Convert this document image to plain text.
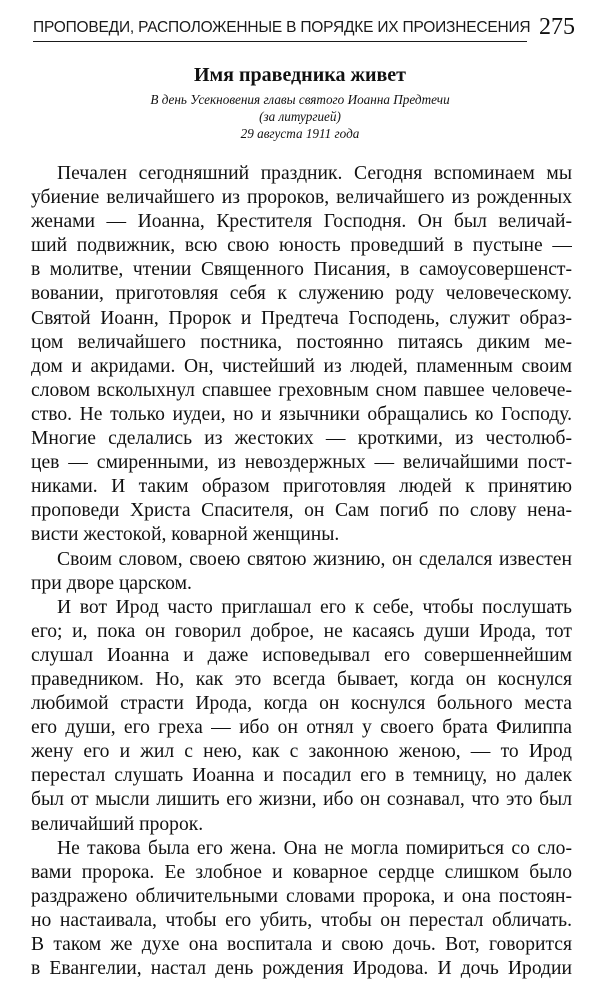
ПРОПОВЕДИ, РАСПОЛОЖЕННЫЕ В ПОРЯДКЕ ИХ ПРОИЗНЕСЕНИЯ 275
Имя праведника живет
В день Усекновения главы святого Иоанна Предтечи
(за литургией)
29 августа 1911 года
Печален сегодняшний праздник. Сегодня вспоминаем мы
убиение величайшего из пророков, величайшего из рожденных
женами — Иоанна, Крестителя Господня. Он был величай-
ший подвижник, всю свою юность проведший в пустыне —
в молитве, чтении Священного Писания, в самоусовершенст-
вовании, приготовляя себя к служению роду человеческому.
Святой Иоанн, Пророк и Предтеча Господень, служит образ-
цом величайшего постника, постоянно питаясь диким ме-
дом и акридами. Он, чистейший из людей, пламенным своим
словом всколыхнул спавшее греховным сном павшее человече-
ство. Не только иудеи, но и язычники обращались ко Господу.
Многие сделались из жестоких — кроткими, из честолюб-
цев — смиренными, из невоздержных — величайшими пост-
никами. И таким образом приготовляя людей к принятию
проповеди Христа Спасителя, он Сам погиб по слову нена-
висти жестокой, коварной женщины.
Своим словом, своею святою жизнию, он сделался известен
при дворе царском.
И вот Ирод часто приглашал его к себе, чтобы послушать
его; и, пока он говорил доброе, не касаясь души Ирода, тот
слушал Иоанна и даже исповедывал его совершеннейшим
праведником. Но, как это всегда бывает, когда он коснулся
любимой страсти Ирода, когда он коснулся больного места
его души, его греха — ибо он отнял у своего брата Филиппа
жену его и жил с нею, как с законною женою, — то Ирод
перестал слушать Иоанна и посадил его в темницу, но далек
был от мысли лишить его жизни, ибо он сознавал, что это был
величайший пророк.
Не такова была его жена. Она не могла помириться со сло-
вами пророка. Ее злобное и коварное сердце слишком было
раздражено обличительными словами пророка, и она постоян-
но настаивала, чтобы его убить, чтобы он перестал обличать.
В таком же духе она воспитала и свою дочь. Вот, говорится
в Евангелии, настал день рождения Иродова. И дочь Иродии
